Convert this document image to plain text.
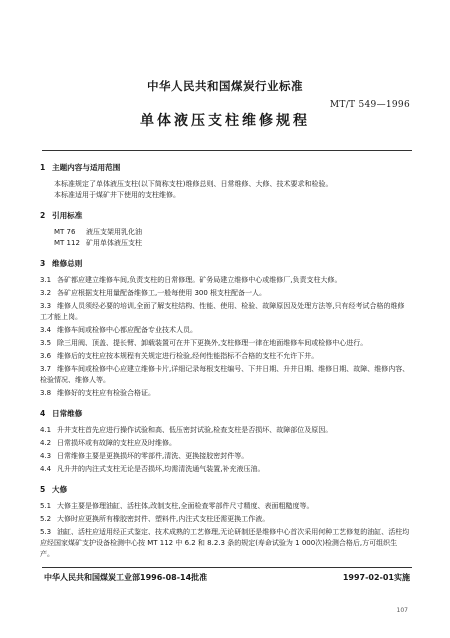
中华人民共和国煤炭行业标准
MT/T 549—1996
单体液压支柱维修规程
1 主题内容与适用范围

本标准规定了单体液压支柱(以下简称支柱)维修总则、日常维修、大修、技术要求和检验。

本标准适用于煤矿井下使用的支柱维修。

2 引用标准

MT 76 液压支架用乳化油

MT 112 矿用单体液压支柱

3 维修总则

3.1 各矿都应建立维修车间,负责支柱的日常修理。矿务局建立维修中心或维修厂,负责支柱大修。

3.2 各矿应根据支柱用量配备维修工,一般每使用 300 根支柱配备一人。

3.3 维修人员须经必要的培训,全面了解支柱结构、性能、使用、检验、故障原因及处理方法等,只有经考试合格的维修工才能上岗。

3.4 维修车间或检修中心都应配备专业技术人员。

3.5 除三用阀、顶盖、提长臂、卸载装置可在井下更换外,支柱修理一律在地面维修车间或检修中心进行。

3.6 维修后的支柱应按本规程有关规定进行检验,经何性能指标不合格的支柱不允许下井。

3.7 维修车间或检修中心应建立维修卡片,详细记录每根支柱编号、下井日期、升井日期、维修日期、故障、维修内容、检验情况、维修人等。

3.8 维修好的支柱应有检验合格证。

4 日常维修

4.1 升井支柱首先应进行操作试验和高、低压密封试验,检查支柱是否损坏、故障部位及原因。

4.2 日常损坏或有故障的支柱应及时维修。

4.3 日常维修主要是更换损坏的零部件,清洗、更换接胶密封件等。

4.4 凡升井的内注式支柱无论是否损坏,均需清洗通气装置,补充液压油。

5 大修

5.1 大修主要是修理油缸、活柱体,改制支柱,全面检查零部件尺寸精度、表面粗糙度等。

5.2 大修时应更换所有橡胶密封件、塑料件,内注式支柱还需更换工作液。

5.3 油缸、活柱应适用经正式鉴定、技术成熟的工艺修理,无论研制还是维修中心首次采用何种工艺修复的油缸、活柱均应经国家煤矿支护设备检测中心按 MT 112 中 6.2 和 8.2.3 条的规定(寿命试验为 1 000次)检测合格后,方可组织生产。

中华人民共和国煤炭工业部1996-08-14批准	1997-02-01实施
107
